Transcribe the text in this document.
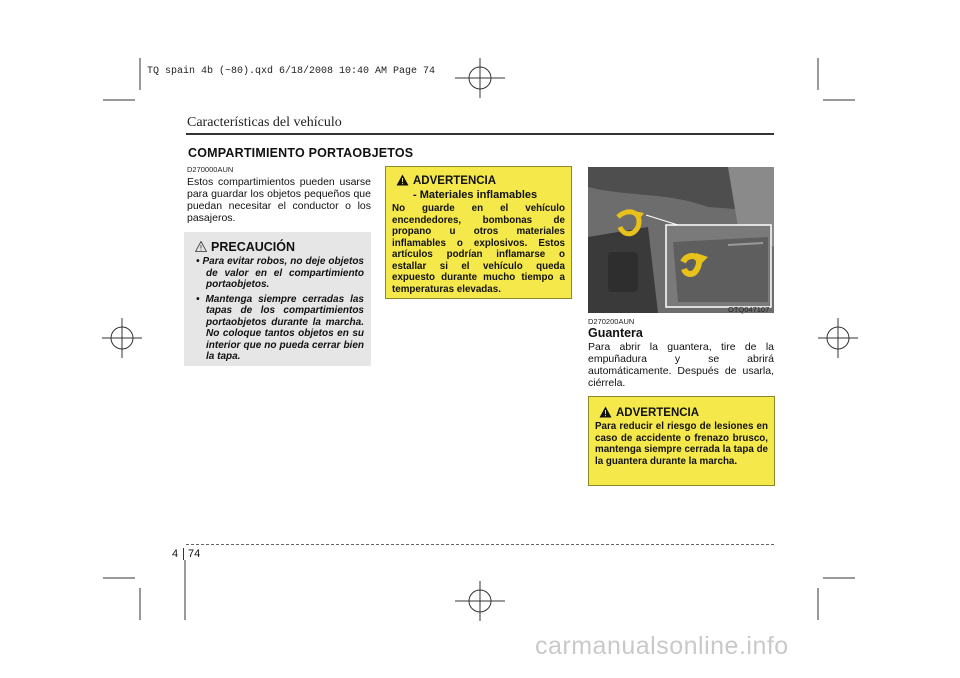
TQ spain 4b (~80).qxd 6/18/2008 10:40 AM Page 74
Características del vehículo
COMPARTIMIENTO PORTAOBJETOS
D270000AUN
Estos compartimientos pueden usarse para guardar los objetos pequeños que puedan necesitar el conductor o los pasajeros.
PRECAUCIÓN
• Para evitar robos, no deje objetos de valor en el compartimiento portaobjetos.
• Mantenga siempre cerradas las tapas de los compartimientos portaobjetos durante la marcha. No coloque tantos objetos en su interior que no pueda cerrar bien la tapa.
ADVERTENCIA
- Materiales inflamables
No guarde en el vehículo encendedores, bombonas de propano u otros materiales inflamables o explosivos. Estos artículos podrían inflamarse o estallar si el vehículo queda expuesto durante mucho tiempo a temperaturas elevadas.
OTQ047107
D270200AUN
Guantera
Para abrir la guantera, tire de la empuñadura y se abrirá automáticamente. Después de usarla, ciérrela.
ADVERTENCIA
Para reducir el riesgo de lesiones en caso de accidente o frenazo brusco, mantenga siempre cerrada la tapa de la guantera durante la marcha.
4 74
carmanualsonline.info
